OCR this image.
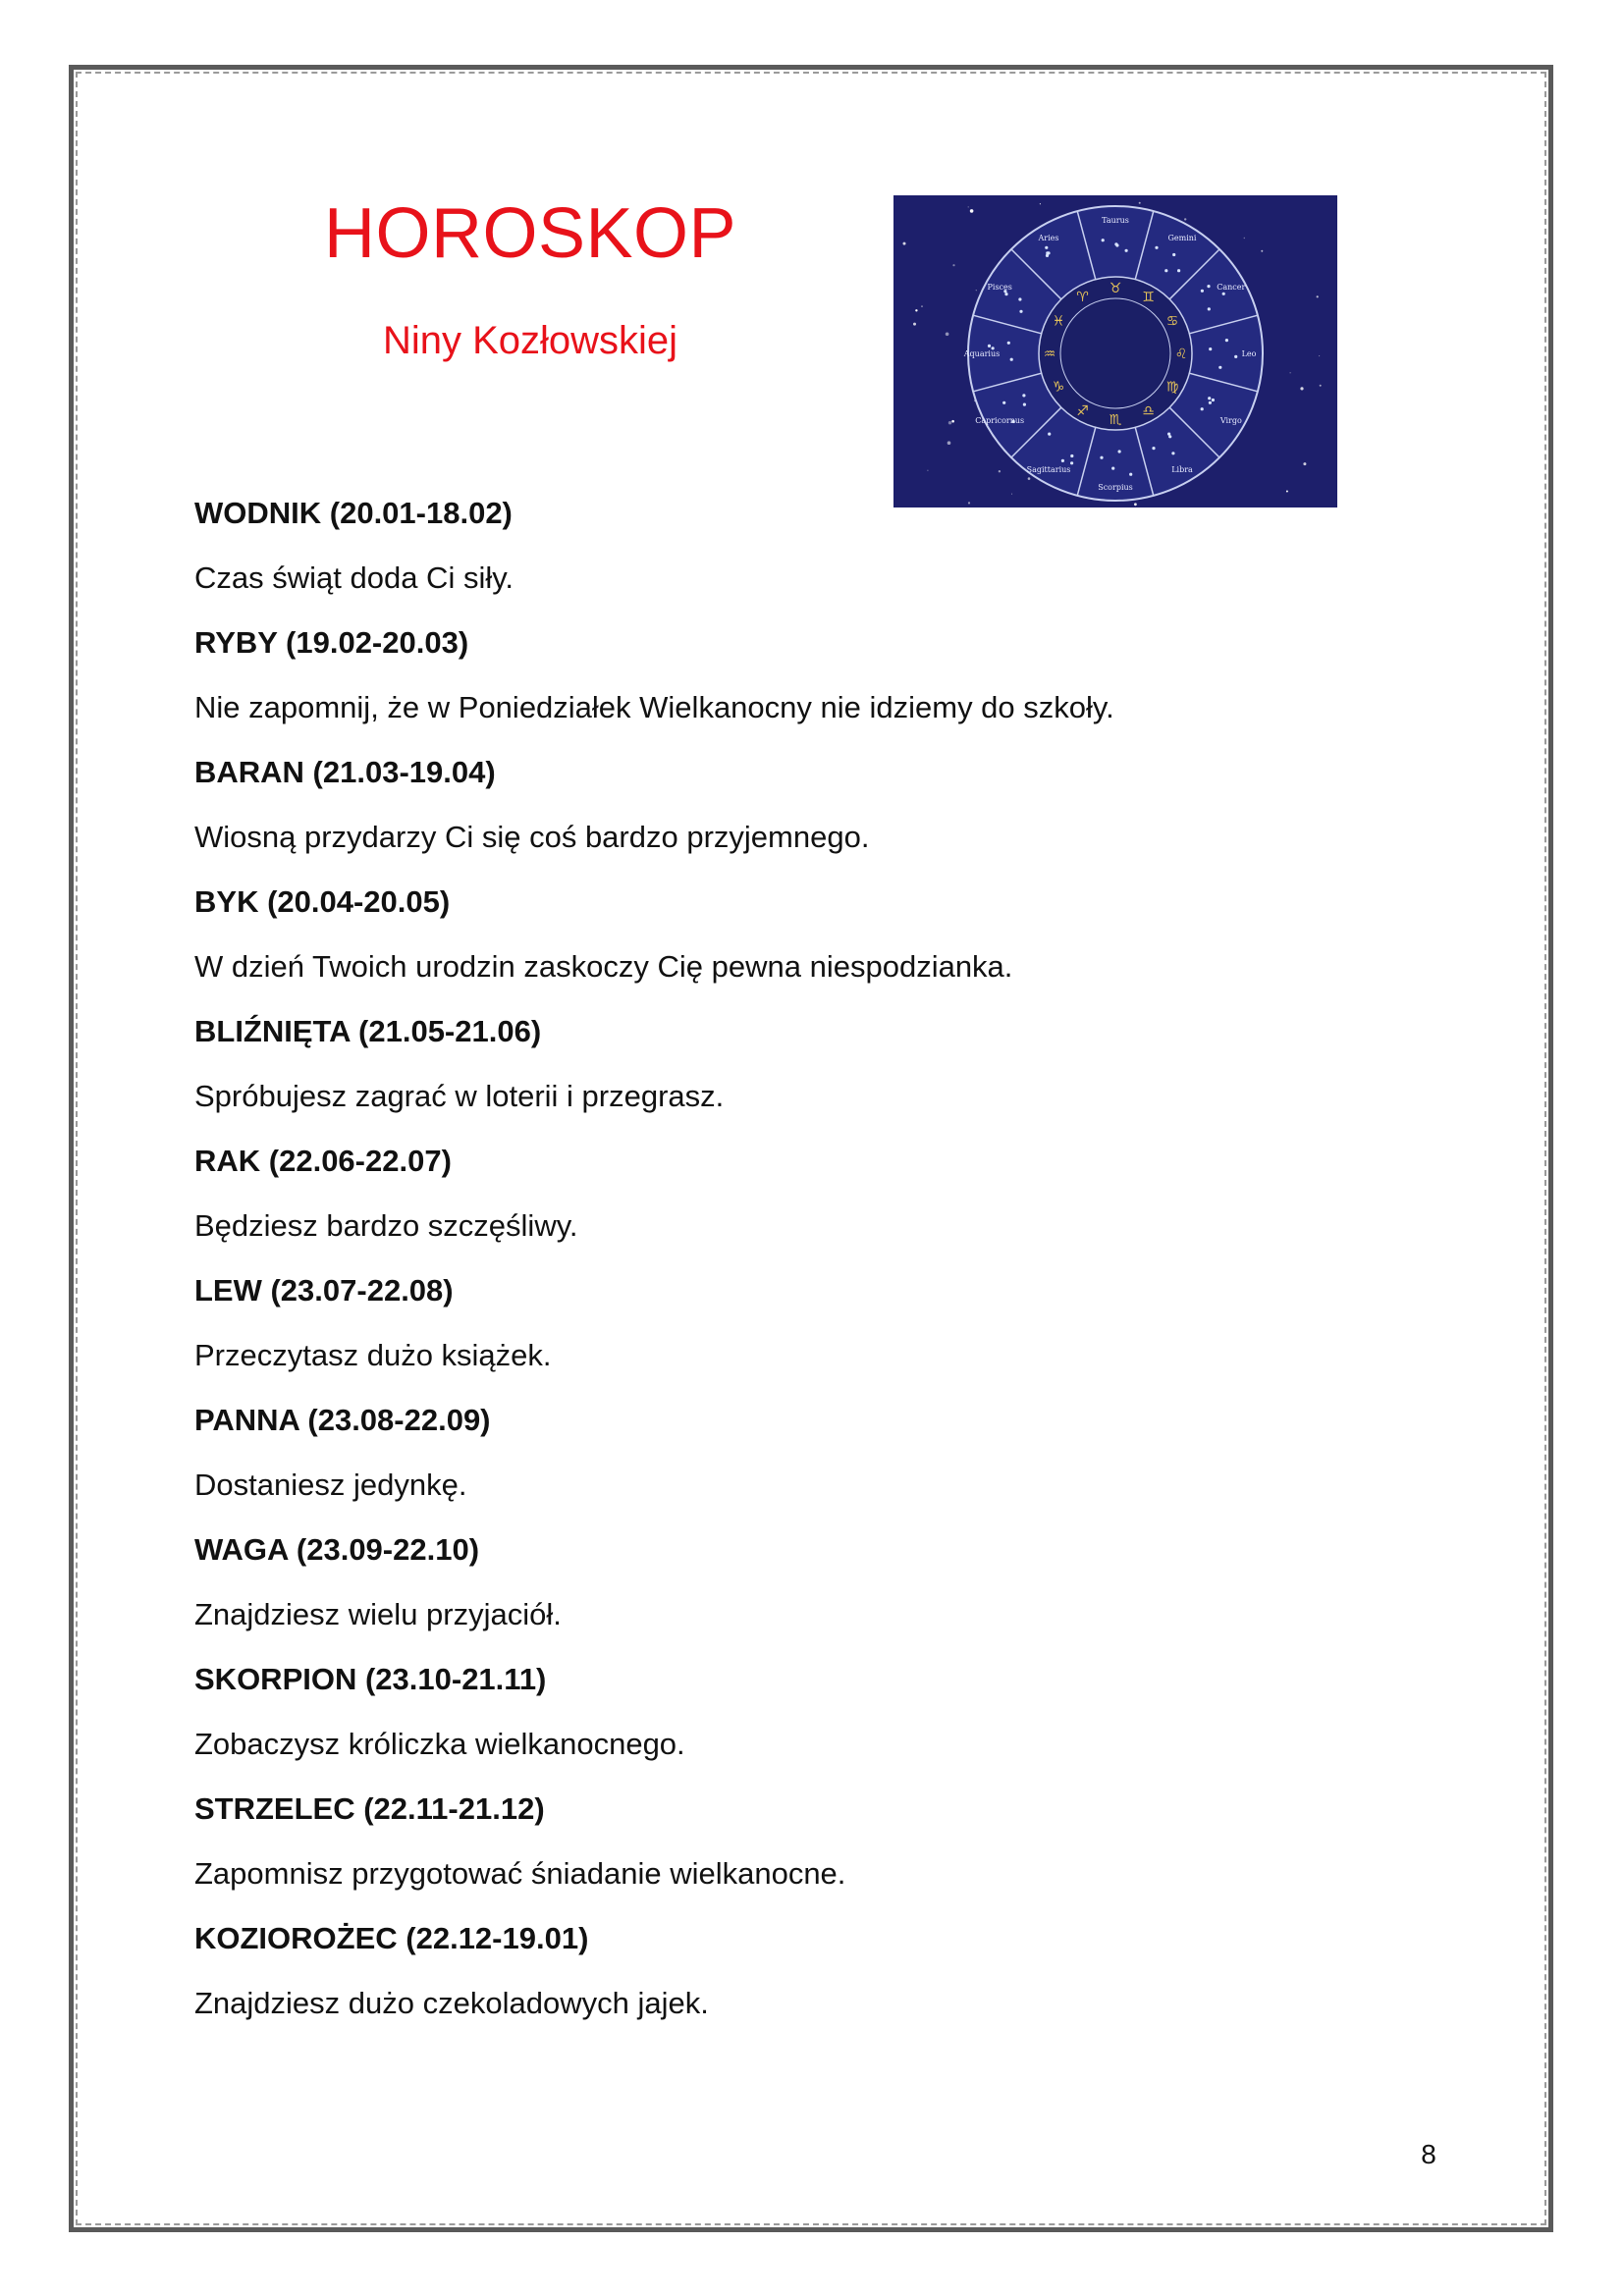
HOROSKOP
Niny Kozłowskiej
Taurus
♉
Gemini
♊
Cancer
♋
Leo
♌
Virgo
♍
Libra
♎
Scorpius
♏
Sagittarius
♐
Capricornus
♑
Aquarius	♒
Pisces
♓
Aries
♈
WODNIK (20.01-18.02)
Czas świąt doda Ci siły.
RYBY (19.02-20.03)
Nie zapomnij, że w Poniedziałek Wielkanocny nie idziemy do szkoły.
BARAN (21.03-19.04)
Wiosną przydarzy Ci się coś bardzo przyjemnego.
BYK (20.04-20.05)
W dzień Twoich urodzin zaskoczy Cię pewna niespodzianka.
BLIŹNIĘTA (21.05-21.06)
Spróbujesz zagrać w loterii i przegrasz.
RAK (22.06-22.07)
Będziesz bardzo szczęśliwy.
LEW (23.07-22.08)
Przeczytasz dużo książek.
PANNA (23.08-22.09)
Dostaniesz jedynkę.
WAGA (23.09-22.10)
Znajdziesz wielu przyjaciół.
SKORPION (23.10-21.11)
Zobaczysz króliczka wielkanocnego.
STRZELEC (22.11-21.12)
Zapomnisz przygotować śniadanie wielkanocne.
KOZIOROŻEC (22.12-19.01)
Znajdziesz dużo czekoladowych jajek.
8
